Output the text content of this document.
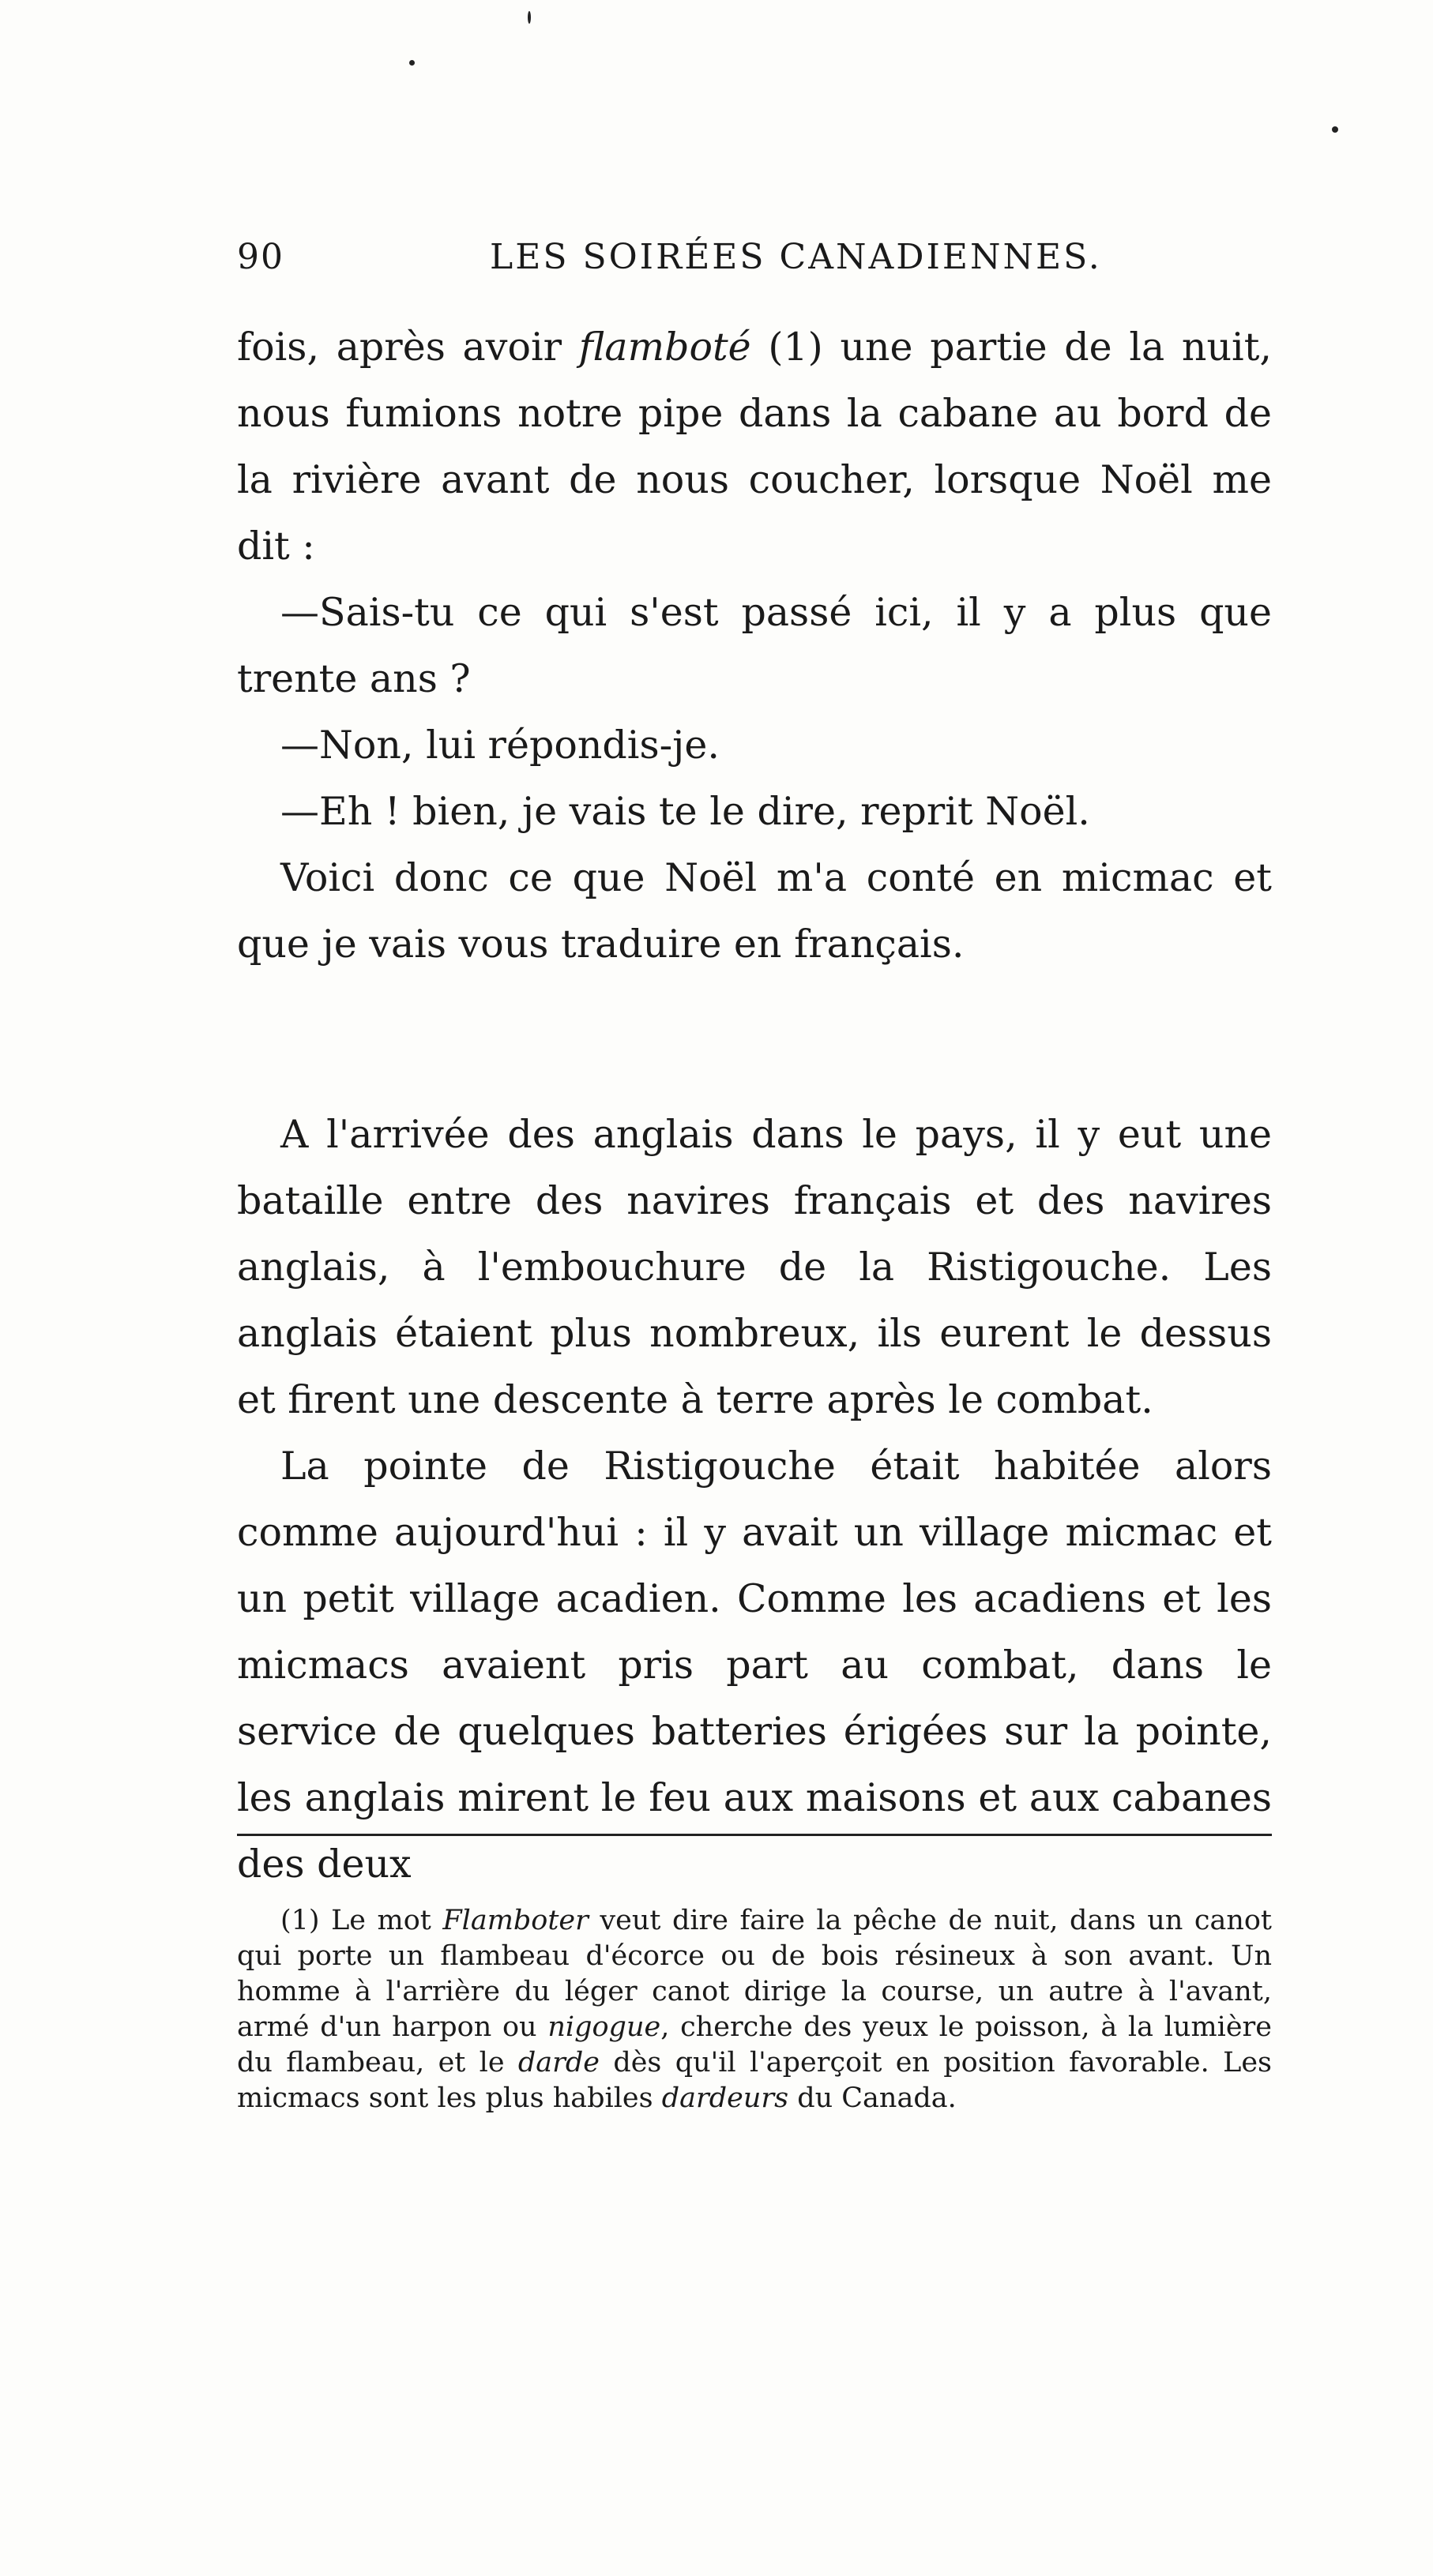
90	LES SOIRÉES CANADIENNES.

fois, après avoir flamboté (1) une partie de la nuit, nous fumions notre pipe dans la cabane au bord de la rivière avant de nous coucher, lorsque Noël me dit :

—Sais-tu ce qui s'est passé ici, il y a plus que trente ans ?

—Non, lui répondis-je.

—Eh ! bien, je vais te le dire, reprit Noël.

Voici donc ce que Noël m'a conté en micmac et que je vais vous traduire en français.

A l'arrivée des anglais dans le pays, il y eut une bataille entre des navires français et des navires anglais, à l'embouchure de la Ristigouche. Les anglais étaient plus nombreux, ils eurent le dessus et firent une descente à terre après le combat.

La pointe de Ristigouche était habitée alors comme aujourd'hui : il y avait un village micmac et un petit village acadien. Comme les acadiens et les micmacs avaient pris part au combat, dans le service de quelques batteries érigées sur la pointe, les anglais mirent le feu aux maisons et aux cabanes des deux

(1) Le mot Flamboter veut dire faire la pêche de nuit, dans un canot qui porte un flambeau d'écorce ou de bois résineux à son avant. Un homme à l'arrière du léger canot dirige la course, un autre à l'avant, armé d'un harpon ou nigogue, cherche des yeux le poisson, à la lumière du flambeau, et le darde dès qu'il l'aperçoit en position favorable. Les micmacs sont les plus habiles dardeurs du Canada.
